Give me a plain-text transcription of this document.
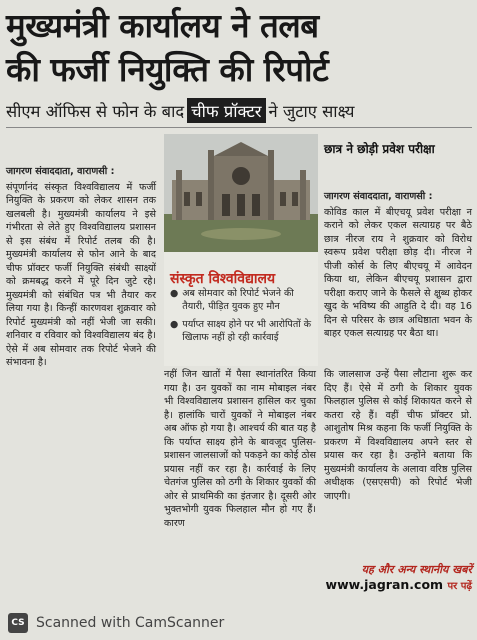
मुख्यमंत्री कार्यालय ने तलब
की फर्जी नियुक्ति की रिपोर्ट
सीएम ऑफिस से फोन के बाद चीफ प्रॉक्टर ने जुटाए साक्ष्य

जागरण संवाददाता, वाराणसी :

संपूर्णानंद संस्कृत विश्वविद्यालय में फर्जी नियुक्ति के प्रकरण को लेकर शासन तक खलबली है। मुख्यमंत्री कार्यालय ने इसे गंभीरता से लेते हुए विश्वविद्यालय प्रशासन से इस संबंध में रिपोर्ट तलब की है। मुख्यमंत्री कार्यालय से फोन आने के बाद चीफ प्रॉक्टर फर्जी नियुक्ति संबंधी साक्ष्यों को क्रमबद्ध करने में पूरे दिन जुटे रहे। मुख्यमंत्री को संबंधित पत्र भी तैयार कर लिया गया है। किन्हीं कारणवश शुक्रवार को रिपोर्ट मुख्यमंत्री को नहीं भेजी जा सकी। शनिवार व रविवार को विश्वविद्यालय बंद है। ऐसे में अब सोमवार तक रिपोर्ट भेजने की संभावना है।

संस्कृत विश्वविद्यालय
● अब सोमवार को रिपोर्ट भेजने की तैयारी, पीड़ित युवक हुए मौन
● पर्याप्त साक्ष्य होने पर भी आरोपितों के खिलाफ नहीं हो रही कार्रवाई
छात्र ने छोड़ी प्रवेश परीक्षा

जागरण संवाददाता, वाराणसी :

कोविड काल में बीएचयू प्रवेश परीक्षा न कराने को लेकर एकल सत्याग्रह पर बैठे छात्र नीरज राय ने शुक्रवार को विरोध स्वरूप प्रवेश परीक्षा छोड़ दी। नीरज ने पीजी कोर्स के लिए बीएचयू में आवेदन किया था, लेकिन बीएचयू प्रशासन द्वारा परीक्षा कराए जाने के फैसले से क्षुब्ध होकर खुद के भविष्य की आहुति दे दी। वह 16 दिन से परिसर के छात्र अधिष्ठाता भवन के बाहर एकल सत्याग्रह पर बैठा था।

नहीं जिन खातों में पैसा स्थानांतरित किया गया है। उन युवकों का नाम मोबाइल नंबर भी विश्वविद्यालय प्रशासन हासिल कर चुका है। हालांकि चारों युवकों ने मोबाइल नंबर अब ऑफ हो गया है। आश्चर्य की बात यह है कि पर्याप्त साक्ष्य होने के बावजूद पुलिस- प्रशासन जालसाजों को पकड़ने का कोई ठोस प्रयास नहीं कर रहा है। कार्रवाई के लिए चेतगंज पुलिस को ठगी के शिकार युवकों की ओर से प्राथमिकी का इंतजार है। दूसरी ओर भुक्तभोगी युवक फिलहाल मौन हो गए हैं। कारण

कि जालसाज उन्हें पैसा लौटाना शुरू कर दिए हैं। ऐसे में ठगी के शिकार युवक फिलहाल पुलिस से कोई शिकायत करने से कतरा रहे हैं। वहीं चीफ प्रॉक्टर प्रो. आशुतोष मिश्र कहना कि फर्जी नियुक्ति के प्रकरण में विश्वविद्यालय अपने स्तर से प्रयास कर रहा है। उन्होंने बताया कि मुख्यमंत्री कार्यालय के अलावा वरिष्ठ पुलिस अधीक्षक (एसएसपी) को रिपोर्ट भेजी जाएगी।

यह और अन्य स्थानीय खबरें
www.jagran.com पर पढ़ें
CS Scanned with CamScanner
